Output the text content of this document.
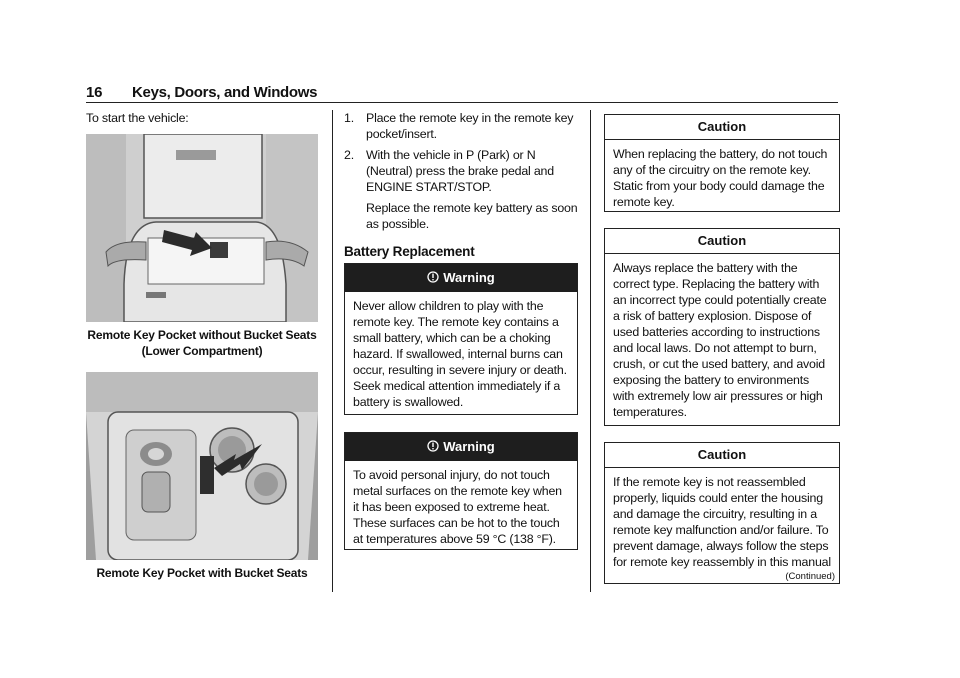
16 Keys, Doors, and Windows
To start the vehicle:
Remote Key Pocket without Bucket Seats
(Lower Compartment)
Remote Key Pocket with Bucket Seats
1. Place the remote key in the remote key pocket/insert.
2. With the vehicle in P (Park) or N (Neutral) press the brake pedal and ENGINE START/STOP.
Replace the remote key battery as soon as possible.
Battery Replacement
Warning
Never allow children to play with the remote key. The remote key contains a small battery, which can be a choking hazard. If swallowed, internal burns can occur, resulting in severe injury or death. Seek medical attention immediately if a battery is swallowed.
Warning
To avoid personal injury, do not touch metal surfaces on the remote key when it has been exposed to extreme heat. These surfaces can be hot to the touch at temperatures above 59 °C (138 °F).
Caution
When replacing the battery, do not touch any of the circuitry on the remote key. Static from your body could damage the remote key.
Caution
Always replace the battery with the correct type. Replacing the battery with an incorrect type could potentially create a risk of battery explosion. Dispose of used batteries according to instructions and local laws. Do not attempt to burn, crush, or cut the used battery, and avoid exposing the battery to environments with extremely low air pressures or high temperatures.
Caution
If the remote key is not reassembled properly, liquids could enter the housing and damage the circuitry, resulting in a remote key malfunction and/or failure. To prevent damage, always follow the steps for remote key reassembly in this manual
(Continued)
